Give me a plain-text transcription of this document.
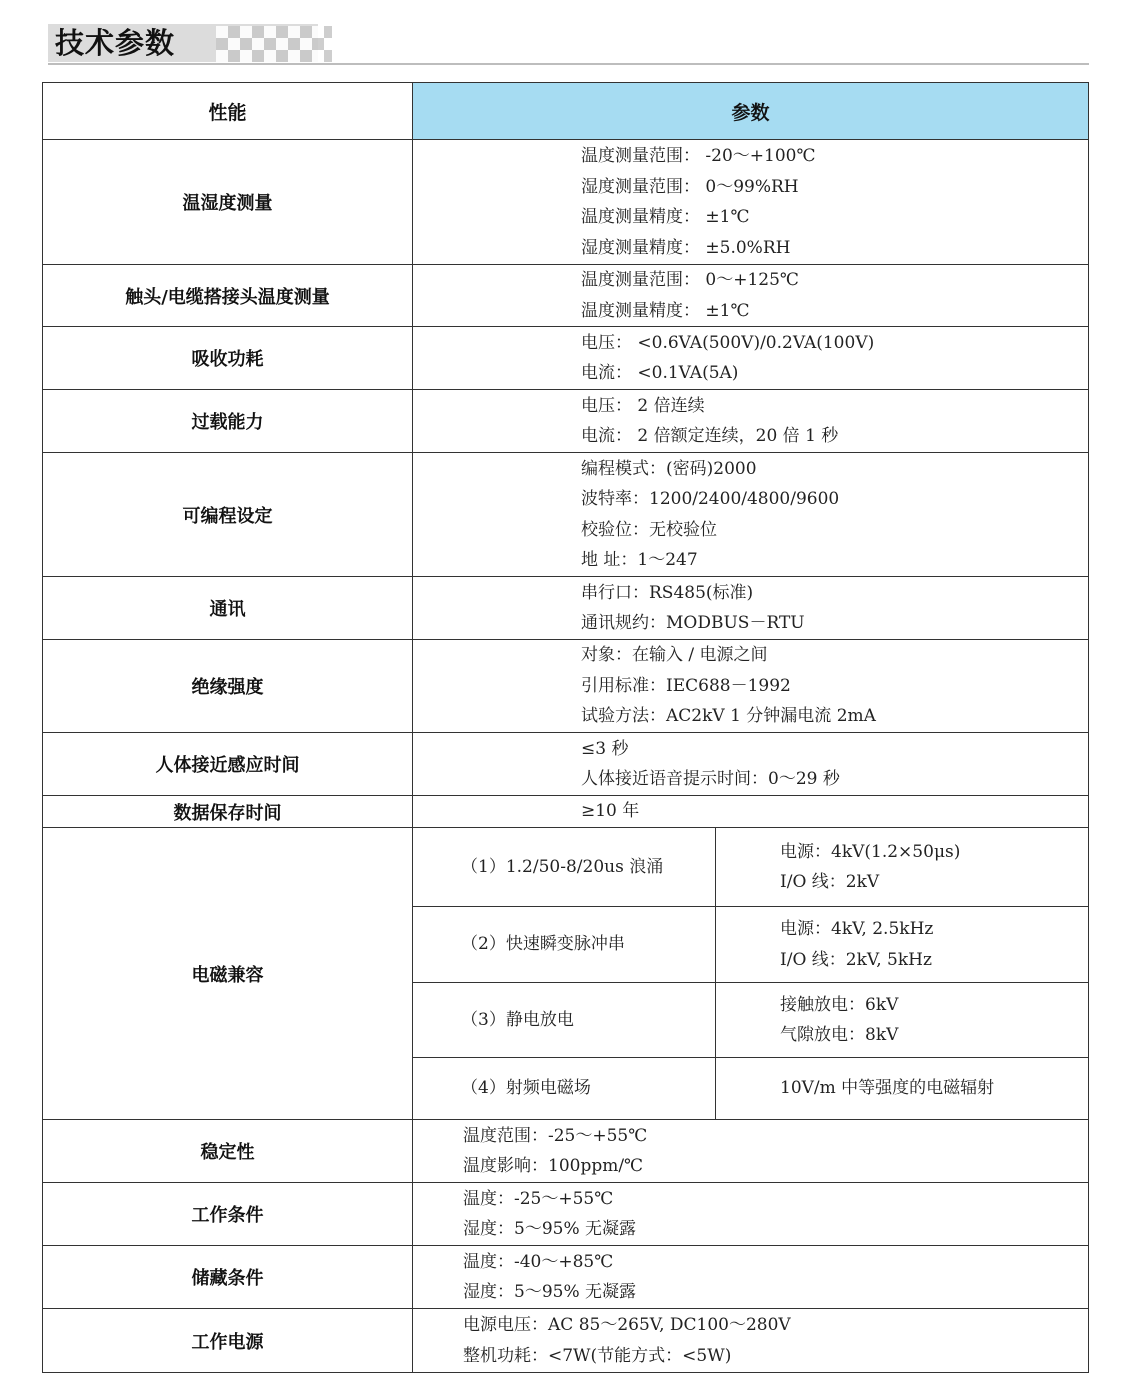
技术参数
性能	参数	
温湿度测量	温度测量范围： -20～+100℃
湿度测量范围： 0～99%RH
温度测量精度： ±1℃
湿度测量精度： ±5.0%RH	

触头/电缆搭接头温度测量	温度测量范围： 0～+125℃
温度测量精度： ±1℃	

吸收功耗	电压： <0.6VA(500V)/0.2VA(100V)
电流： <0.1VA(5A)	

过载能力	电压： 2 倍连续
电流： 2 倍额定连续，20 倍 1 秒	

可编程设定	编程模式：(密码)2000
波特率：1200/2400/4800/9600
校验位：无校验位
地 址：1～247	

通讯	串行口：RS485(标准)
通讯规约：MODBUS－RTU	

绝缘强度	对象：在输入 / 电源之间
引用标准：IEC688－1992
试验方法：AC2kV 1 分钟漏电流 2mA	

人体接近感应时间	≤3 秒
人体接近语音提示时间：0～29 秒	

数据保存时间	≥10 年	

电磁兼容	（1）1.2/50-8/20us 浪涌	电源：4kV(1.2×50μs)
I/O 线：2kV

	（2）快速瞬变脉冲串	电源：4kV, 2.5kHz
I/O 线：2kV, 5kHz

	（3）静电放电	接触放电：6kV
气隙放电：8kV

	（4）射频电磁场	10V/m 中等强度的电磁辐射

稳定性	温度范围：-25～+55℃
温度影响：100ppm/℃	

工作条件	温度：-25～+55℃
湿度：5～95% 无凝露	

储藏条件	温度：-40～+85℃
湿度：5～95% 无凝露	

工作电源	电源电压：AC 85～265V, DC100～280V
整机功耗：<7W(节能方式：<5W)	
